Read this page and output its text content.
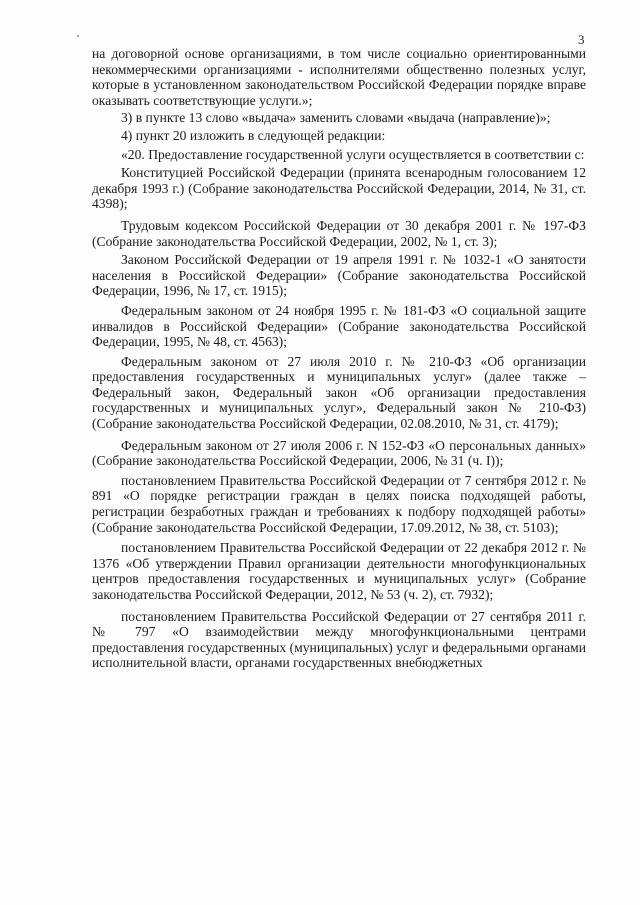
3

на договорной основе организациями, в том числе социально ориентированными некоммерческими организациями - исполнителями общественно полезных услуг, которые в установленном законодательством Российской Федерации порядке вправе оказывать соответствующие услуги.»;

3) в пункте 13 слово «выдача» заменить словами «выдача (направление)»;

4) пункт 20 изложить в следующей редакции:

«20. Предоставление государственной услуги осуществляется в соответствии с:

Конституцией Российской Федерации (принята всенародным голосованием 12 декабря 1993 г.) (Собрание законодательства Российской Федерации, 2014, № 31, ст. 4398);

Трудовым кодексом Российской Федерации от 30 декабря 2001 г. № 197-ФЗ (Собрание законодательства Российской Федерации, 2002, № 1, ст. 3);

Законом Российской Федерации от 19 апреля 1991 г. № 1032-1 «О занятости населения в Российской Федерации» (Собрание законодательства Российской Федерации, 1996, № 17, ст. 1915);

Федеральным законом от 24 ноября 1995 г. № 181-ФЗ «О социальной защите инвалидов в Российской Федерации» (Собрание законодательства Российской Федерации, 1995, № 48, ст. 4563);

Федеральным законом от 27 июля 2010 г. № 210-ФЗ «Об организации предоставления государственных и муниципальных услуг» (далее также – Федеральный закон, Федеральный закон «Об организации предоставления государственных и муниципальных услуг», Федеральный закон № 210-ФЗ) (Собрание законодательства Российской Федерации, 02.08.2010, № 31, ст. 4179);

Федеральным законом от 27 июля 2006 г. N 152-ФЗ «О персональных данных» (Собрание законодательства Российской Федерации, 2006, № 31 (ч. I));

постановлением Правительства Российской Федерации от 7 сентября 2012 г. № 891 «О порядке регистрации граждан в целях поиска подходящей работы, регистрации безработных граждан и требованиях к подбору подходящей работы» (Собрание законодательства Российской Федерации, 17.09.2012, № 38, ст. 5103);

постановлением Правительства Российской Федерации от 22 декабря 2012 г. № 1376 «Об утверждении Правил организации деятельности многофункциональных центров предоставления государственных и муниципальных услуг» (Собрание законодательства Российской Федерации, 2012, № 53 (ч. 2), ст. 7932);

постановлением Правительства Российской Федерации от 27 сентября 2011 г. № 797 «О взаимодействии между многофункциональными центрами предоставления государственных (муниципальных) услуг и федеральными органами исполнительной власти, органами государственных внебюджетных
